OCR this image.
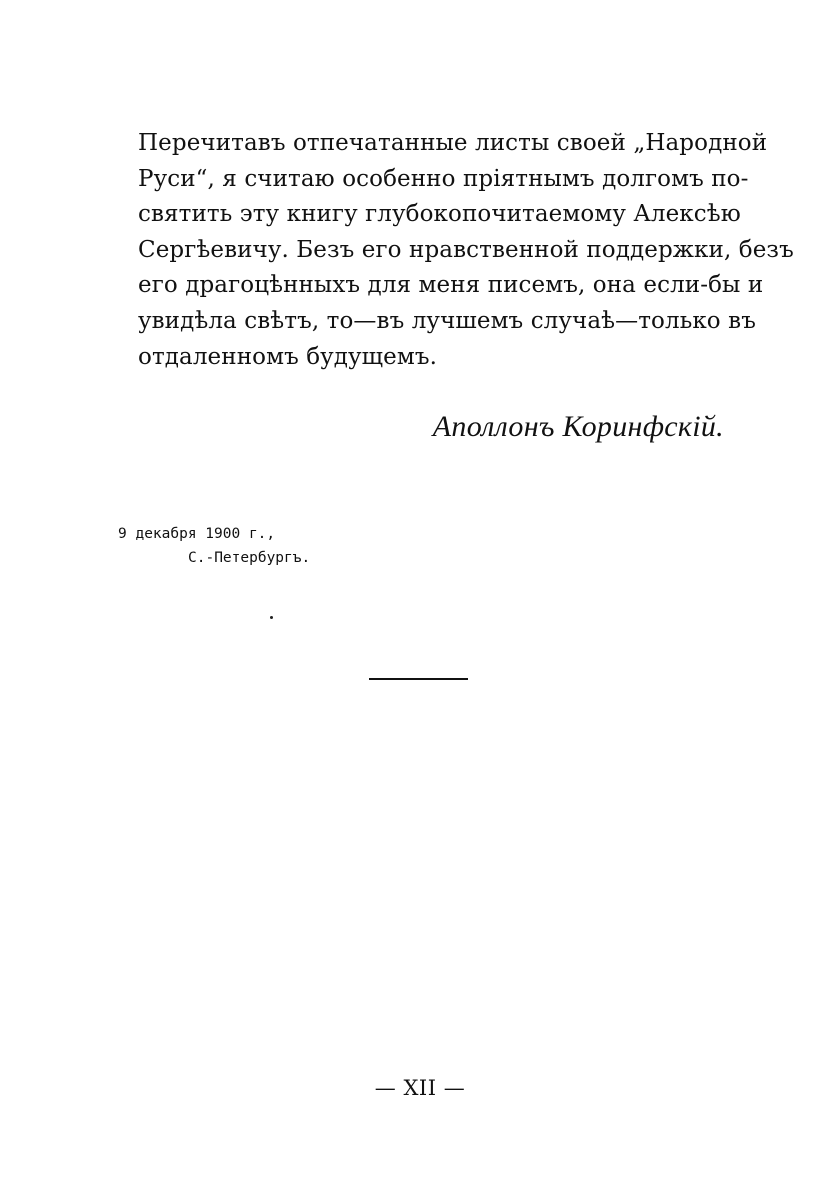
Перечитавъ отпечатанные листы своей „Народной
Руси“, я считаю особенно пріятнымъ долгомъ по-
святить эту книгу глубокопочитаемому Алексѣю
Сергѣевичу. Безъ его нравственной поддержки, безъ
его драгоцѣнныхъ для меня писемъ, она если-бы и
увидѣла свѣтъ, то—въ лучшемъ случаѣ—только въ
отдаленномъ будущемъ.
Аполлонъ Коринфскій.
9 декабря 1900 г.,
С.-Петербургъ.
— XII —
